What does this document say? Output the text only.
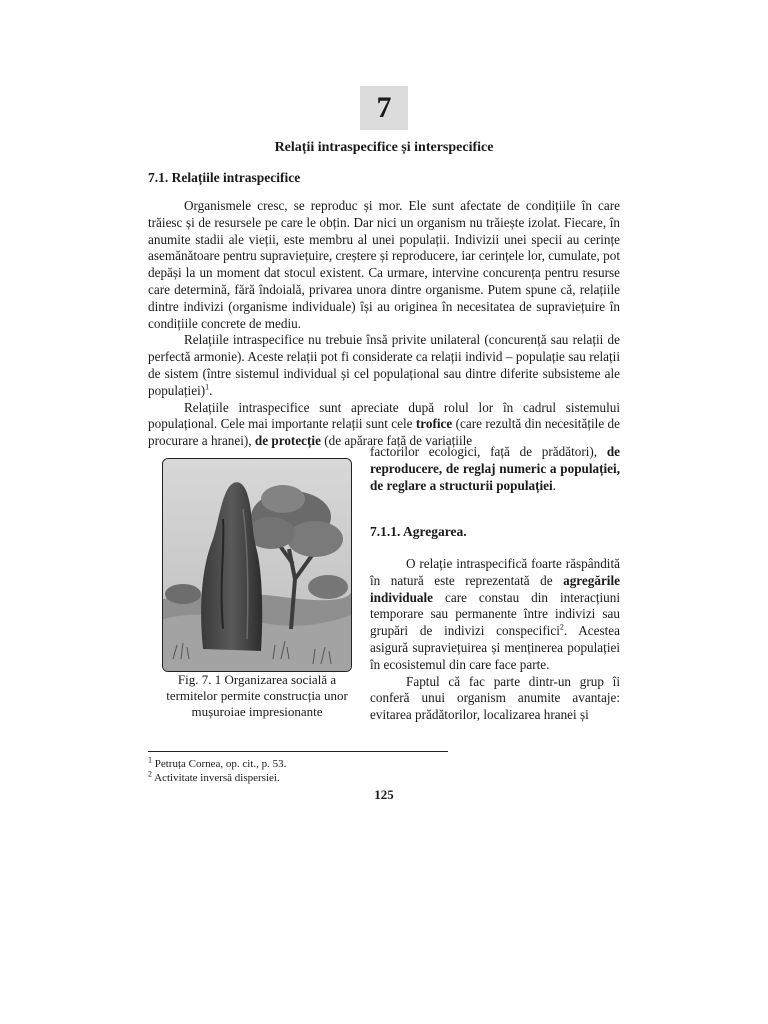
7
Relații intraspecifice și interspecifice
7.1. Relațiile intraspecifice

Organismele cresc, se reproduc și mor. Ele sunt afectate de condițiile în care trăiesc și de resursele pe care le obțin. Dar nici un organism nu trăiește izolat. Fiecare, în anumite stadii ale vieții, este membru al unei populații. Indivizii unei specii au cerințe asemănătoare pentru supraviețuire, creștere și reproducere, iar cerințele lor, cumulate, pot depăși la un moment dat stocul existent. Ca urmare, intervine concurența pentru resurse care determină, fără îndoială, privarea unora dintre organisme. Putem spune că, relațiile dintre indivizi (organisme individuale) își au originea în necesitatea de supraviețuire în condițiile concrete de mediu.

Relațiile intraspecifice nu trebuie însă privite unilateral (concurență sau relații de perfectă armonie). Aceste relații pot fi considerate ca relații individ – populație sau relații de sistem (între sistemul individual și cel populațional sau dintre diferite subsisteme ale populației)$^1$.

Relațiile intraspecifice sunt apreciate după rolul lor în cadrul sistemului populațional. Cele mai importante relații sunt cele trofice (care rezultă din necesitățile de procurare a hranei), de protecție (de apărare față de variațiile

Fig. 7. 1 Organizarea socială a termitelor permite construcția unor mușuroiae impresionante

factorilor ecologici, față de prădători), de reproducere, de reglaj numeric a populației, de reglare a structurii populației.

7.1.1. Agregarea.

O relație intraspecifică foarte răspândită în natură este reprezentată de agregările individuale care constau din interacțiuni temporare sau permanente între indivizi sau grupări de indivizi conspecifici$^2$. Acestea asigură supraviețuirea și menținerea populației în ecosistemul din care face parte.

Faptul că fac parte dintr-un grup îi conferă unui organism anumite avantaje: evitarea prădătorilor, localizarea hranei și

$^1$ Petruța Cornea, op. cit., p. 53.
$^2$ Activitate inversă dispersiei.
125
